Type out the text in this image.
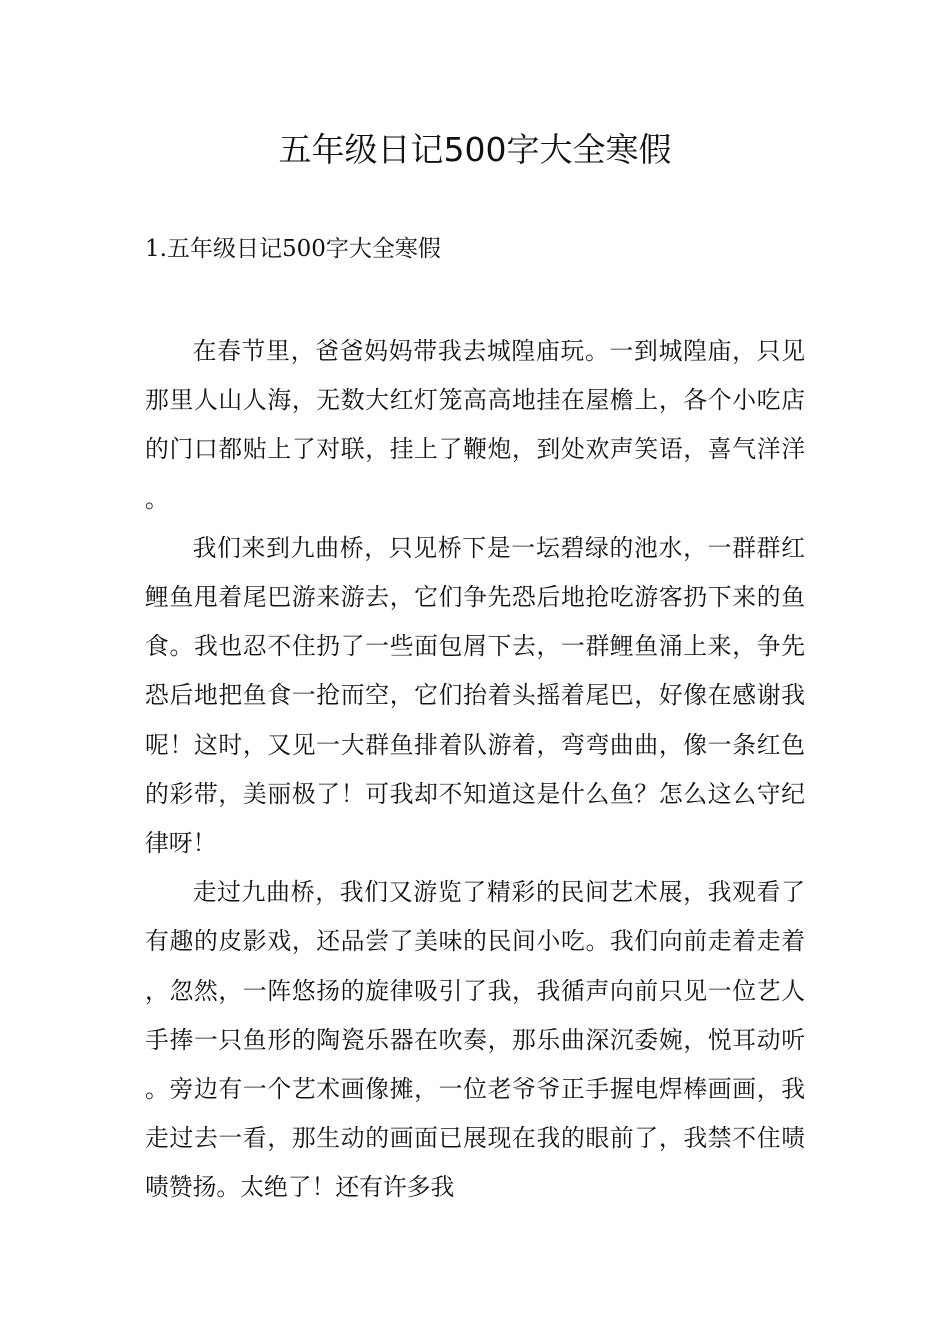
五年级日记500字大全寒假
1.五年级日记500字大全寒假

在春节里，爸爸妈妈带我去城隍庙玩。一到城隍庙，只见那里人山人海，无数大红灯笼高高地挂在屋檐上，各个小吃店的门口都贴上了对联，挂上了鞭炮，到处欢声笑语，喜气洋洋。

我们来到九曲桥，只见桥下是一坛碧绿的池水，一群群红鲤鱼甩着尾巴游来游去，它们争先恐后地抢吃游客扔下来的鱼食。我也忍不住扔了一些面包屑下去，一群鲤鱼涌上来，争先恐后地把鱼食一抢而空，它们抬着头摇着尾巴，好像在感谢我呢！这时，又见一大群鱼排着队游着，弯弯曲曲，像一条红色的彩带，美丽极了！可我却不知道这是什么鱼？怎么这么守纪律呀！

走过九曲桥，我们又游览了精彩的民间艺术展，我观看了有趣的皮影戏，还品尝了美味的民间小吃。我们向前走着走着，忽然，一阵悠扬的旋律吸引了我，我循声向前只见一位艺人手捧一只鱼形的陶瓷乐器在吹奏，那乐曲深沉委婉，悦耳动听。旁边有一个艺术画像摊，一位老爷爷正手握电焊棒画画，我走过去一看，那生动的画面已展现在我的眼前了，我禁不住啧啧赞扬。太绝了！还有许多我
